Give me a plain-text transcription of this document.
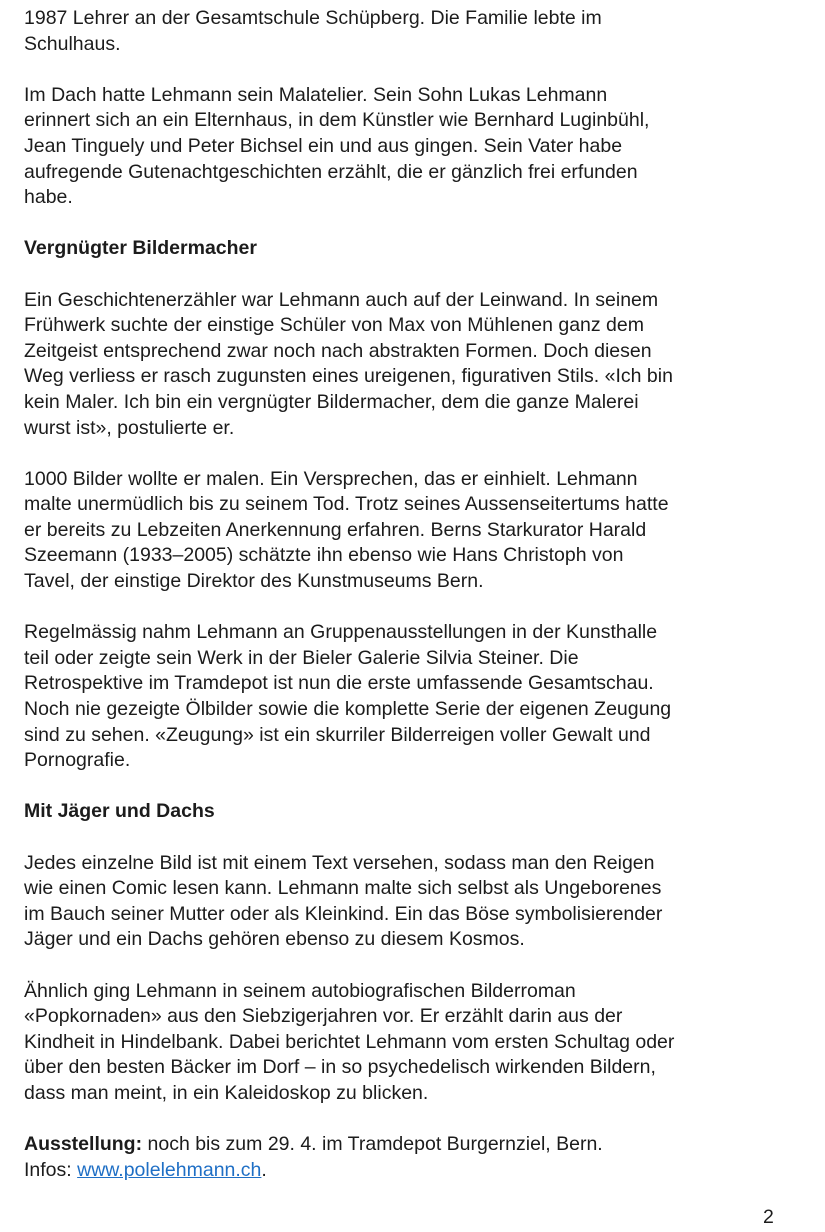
1987 Lehrer an der Gesamtschule Schüpberg. Die Familie lebte im
Schulhaus.

Im Dach hatte Lehmann sein Malatelier. Sein Sohn Lukas Lehmann
erinnert sich an ein Elternhaus, in dem Künstler wie Bernhard Luginbühl,
Jean Tinguely und Peter Bichsel ein und aus gingen. Sein Vater habe
aufregende Gutenachtgeschichten erzählt, die er gänzlich frei erfunden
habe.

Vergnügter Bildermacher

Ein Geschichtenerzähler war Lehmann auch auf der Leinwand. In seinem
Frühwerk suchte der einstige Schüler von Max von Mühlenen ganz dem
Zeitgeist entsprechend zwar noch nach abstrakten Formen. Doch diesen
Weg verliess er rasch zugunsten eines ureigenen, figurativen Stils. «Ich bin
kein Maler. Ich bin ein vergnügter Bildermacher, dem die ganze Malerei
wurst ist», postulierte er.

1000 Bilder wollte er malen. Ein Versprechen, das er einhielt. Lehmann
malte unermüdlich bis zu seinem Tod. Trotz seines Aussenseitertums hatte
er bereits zu Lebzeiten Anerkennung erfahren. Berns Starkurator Harald
Szeemann (1933–2005) schätzte ihn ebenso wie Hans Christoph von
Tavel, der einstige Direktor des Kunstmuseums Bern.

Regelmässig nahm Lehmann an Gruppenausstellungen in der Kunsthalle
teil oder zeigte sein Werk in der Bieler Galerie Silvia Steiner. Die
Retrospektive im Tramdepot ist nun die erste umfassende Gesamtschau.
Noch nie gezeigte Ölbilder sowie die komplette Serie der eigenen Zeugung
sind zu sehen. «Zeugung» ist ein skurriler Bilderreigen voller Gewalt und
Pornografie.

Mit Jäger und Dachs

Jedes einzelne Bild ist mit einem Text versehen, sodass man den Reigen
wie einen Comic lesen kann. Lehmann malte sich selbst als Ungeborenes
im Bauch seiner Mutter oder als Kleinkind. Ein das Böse symbolisierender
Jäger und ein Dachs gehören ebenso zu diesem Kosmos.

Ähnlich ging Lehmann in seinem autobiografischen Bilderroman
«Popkornaden» aus den Siebzigerjahren vor. Er erzählt darin aus der
Kindheit in Hindelbank. Dabei berichtet Lehmann vom ersten Schultag oder
über den besten Bäcker im Dorf – in so psychedelisch wirkenden Bildern,
dass man meint, in ein Kaleidoskop zu blicken.

Ausstellung: noch bis zum 29. 4. im Tramdepot Burgernziel, Bern.
Infos: www.polelehmann.ch.

2
